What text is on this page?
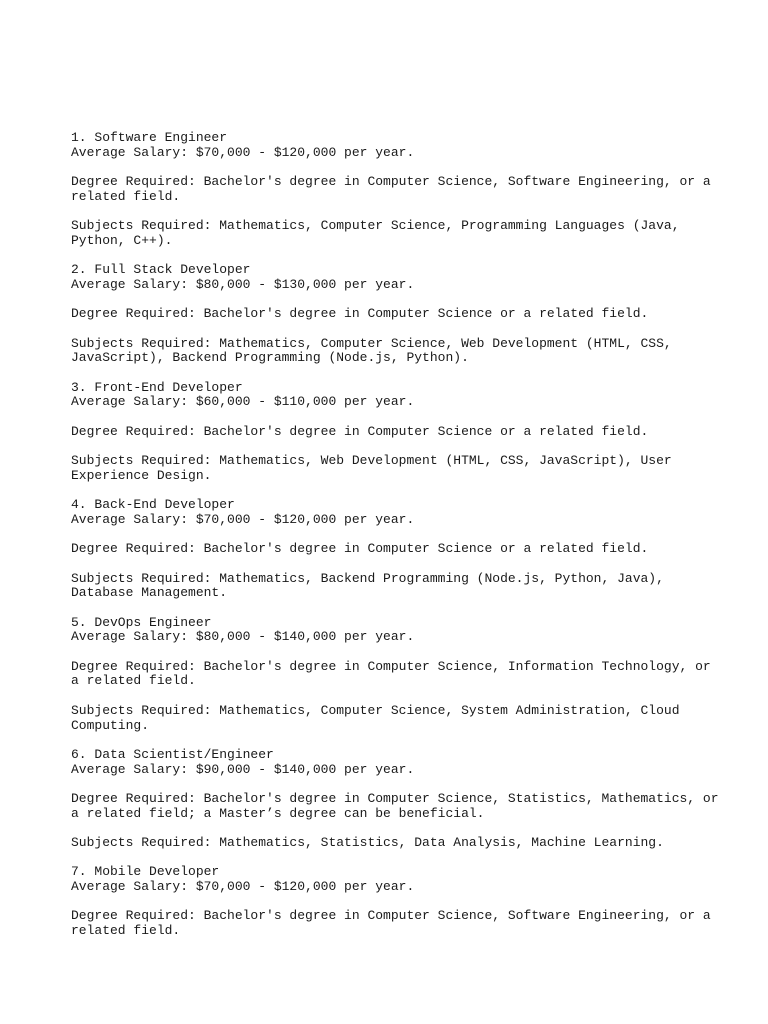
1. Software Engineer
Average Salary: $70,000 - $120,000 per year.
Degree Required: Bachelor's degree in Computer Science, Software Engineering, or a
related field.
Subjects Required: Mathematics, Computer Science, Programming Languages (Java,
Python, C++).
2. Full Stack Developer
Average Salary: $80,000 - $130,000 per year.
Degree Required: Bachelor's degree in Computer Science or a related field.
Subjects Required: Mathematics, Computer Science, Web Development (HTML, CSS,
JavaScript), Backend Programming (Node.js, Python).
3. Front-End Developer
Average Salary: $60,000 - $110,000 per year.
Degree Required: Bachelor's degree in Computer Science or a related field.
Subjects Required: Mathematics, Web Development (HTML, CSS, JavaScript), User
Experience Design.
4. Back-End Developer
Average Salary: $70,000 - $120,000 per year.
Degree Required: Bachelor's degree in Computer Science or a related field.
Subjects Required: Mathematics, Backend Programming (Node.js, Python, Java),
Database Management.
5. DevOps Engineer
Average Salary: $80,000 - $140,000 per year.
Degree Required: Bachelor's degree in Computer Science, Information Technology, or
a related field.
Subjects Required: Mathematics, Computer Science, System Administration, Cloud
Computing.
6. Data Scientist/Engineer
Average Salary: $90,000 - $140,000 per year.
Degree Required: Bachelor's degree in Computer Science, Statistics, Mathematics, or
a related field; a Master’s degree can be beneficial.
Subjects Required: Mathematics, Statistics, Data Analysis, Machine Learning.
7. Mobile Developer
Average Salary: $70,000 - $120,000 per year.
Degree Required: Bachelor's degree in Computer Science, Software Engineering, or a
related field.
